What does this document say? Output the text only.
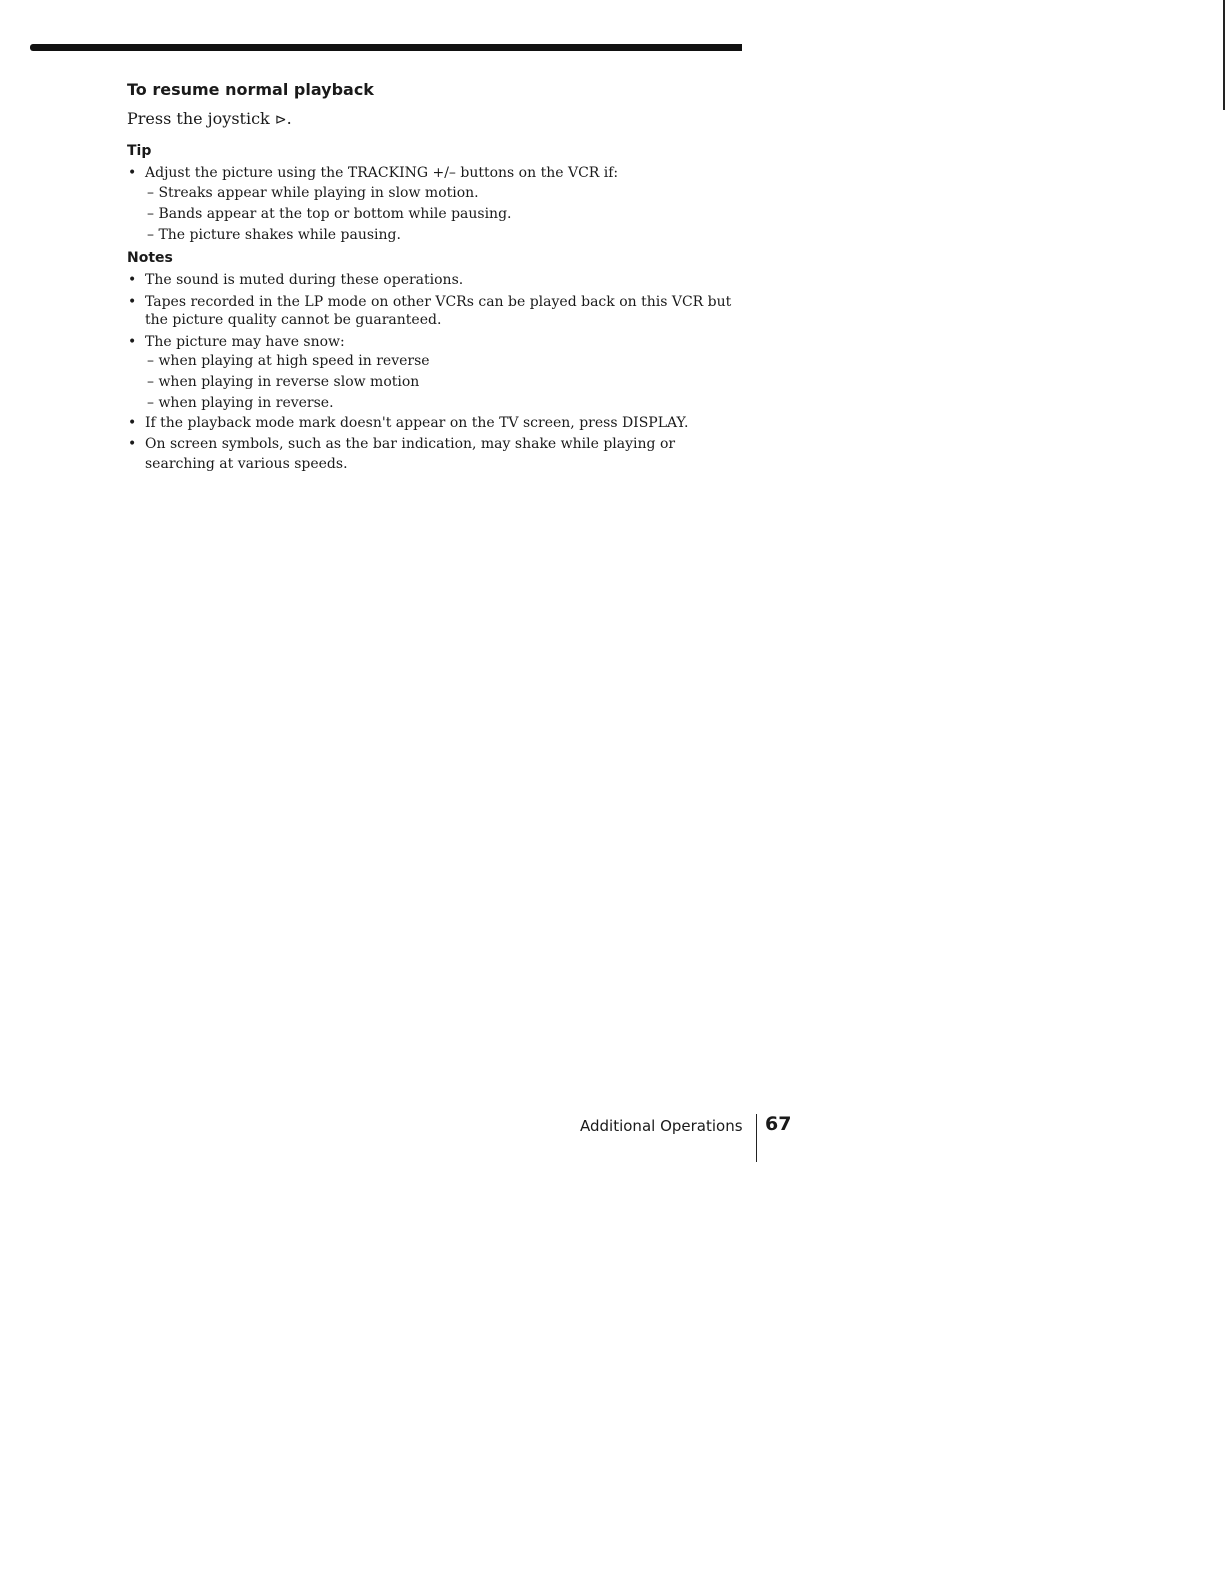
To resume normal playback
Press the joystick ⊳.
Tip
• Adjust the picture using the TRACKING +/– buttons on the VCR if:
– Streaks appear while playing in slow motion.
– Bands appear at the top or bottom while pausing.
– The picture shakes while pausing.
Notes
• The sound is muted during these operations.
• Tapes recorded in the LP mode on other VCRs can be played back on this VCR but
the picture quality cannot be guaranteed.
• The picture may have snow:
– when playing at high speed in reverse
– when playing in reverse slow motion
– when playing in reverse.
• If the playback mode mark doesn't appear on the TV screen, press DISPLAY.
• On screen symbols, such as the bar indication, may shake while playing or
searching at various speeds.
Additional Operations 67
